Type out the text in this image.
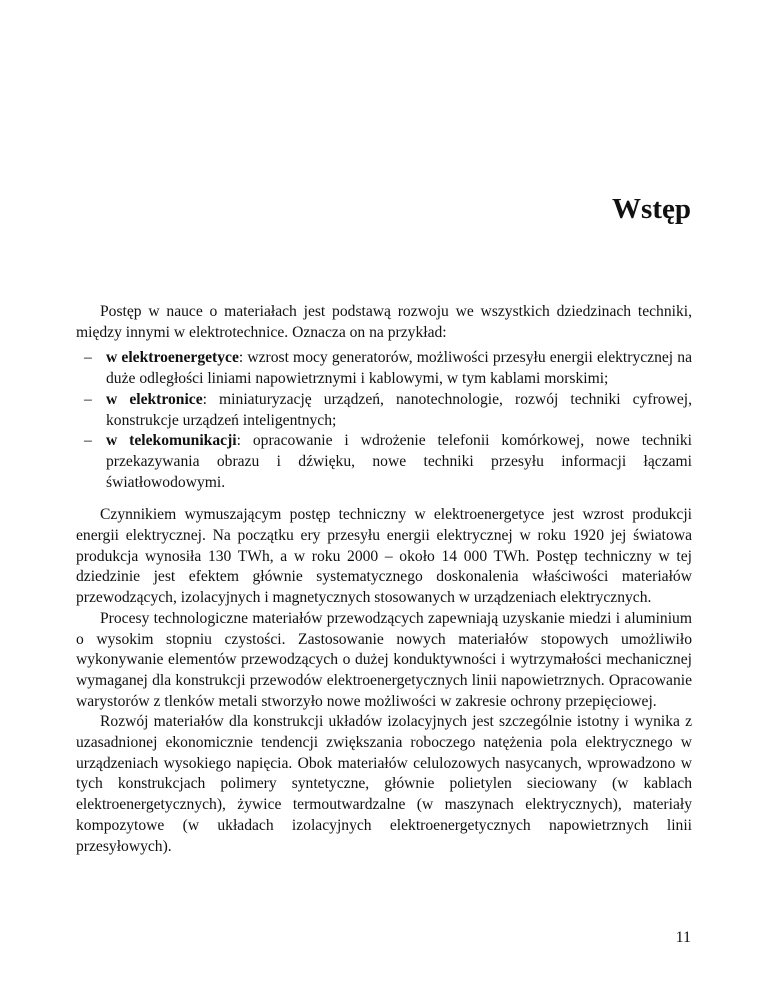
Wstęp

Postęp w nauce o materiałach jest podstawą rozwoju we wszystkich dziedzinach techniki, między innymi w elektrotechnice. Oznacza on na przykład:

– w elektroenergetyce: wzrost mocy generatorów, możliwości przesyłu energii elektrycznej na duże odległości liniami napowietrznymi i kablowymi, w tym kablami morskimi;
– w elektronice: miniaturyzację urządzeń, nanotechnologie, rozwój techniki cyfrowej, konstrukcje urządzeń inteligentnych;
– w telekomunikacji: opracowanie i wdrożenie telefonii komórkowej, nowe techniki przekazywania obrazu i dźwięku, nowe techniki przesyłu informacji łączami światłowodowymi.

Czynnikiem wymuszającym postęp techniczny w elektroenergetyce jest wzrost produkcji energii elektrycznej. Na początku ery przesyłu energii elektrycznej w roku 1920 jej światowa produkcja wynosiła 130 TWh, a w roku 2000 – około 14 000 TWh. Postęp techniczny w tej dziedzinie jest efektem głównie systematycznego doskonalenia właściwości materiałów przewodzących, izolacyjnych i magnetycznych stosowanych w urządzeniach elektrycznych.

Procesy technologiczne materiałów przewodzących zapewniają uzyskanie miedzi i aluminium o wysokim stopniu czystości. Zastosowanie nowych materiałów stopowych umożliwiło wykonywanie elementów przewodzących o dużej konduktywności i wytrzymałości mechanicznej wymaganej dla konstrukcji przewodów elektroenergetycznych linii napowietrznych. Opracowanie warystorów z tlenków metali stworzyło nowe możliwości w zakresie ochrony przepięciowej.

Rozwój materiałów dla konstrukcji układów izolacyjnych jest szczególnie istotny i wynika z uzasadnionej ekonomicznie tendencji zwiększania roboczego natężenia pola elektrycznego w urządzeniach wysokiego napięcia. Obok materiałów celulozowych nasycanych, wprowadzono w tych konstrukcjach polimery syntetyczne, głównie polietylen sieciowany (w kablach elektroenergetycznych), żywice termoutwardzalne (w maszynach elektrycznych), materiały kompozytowe (w układach izolacyjnych elektroenergetycznych napowietrznych linii przesyłowych).

11
